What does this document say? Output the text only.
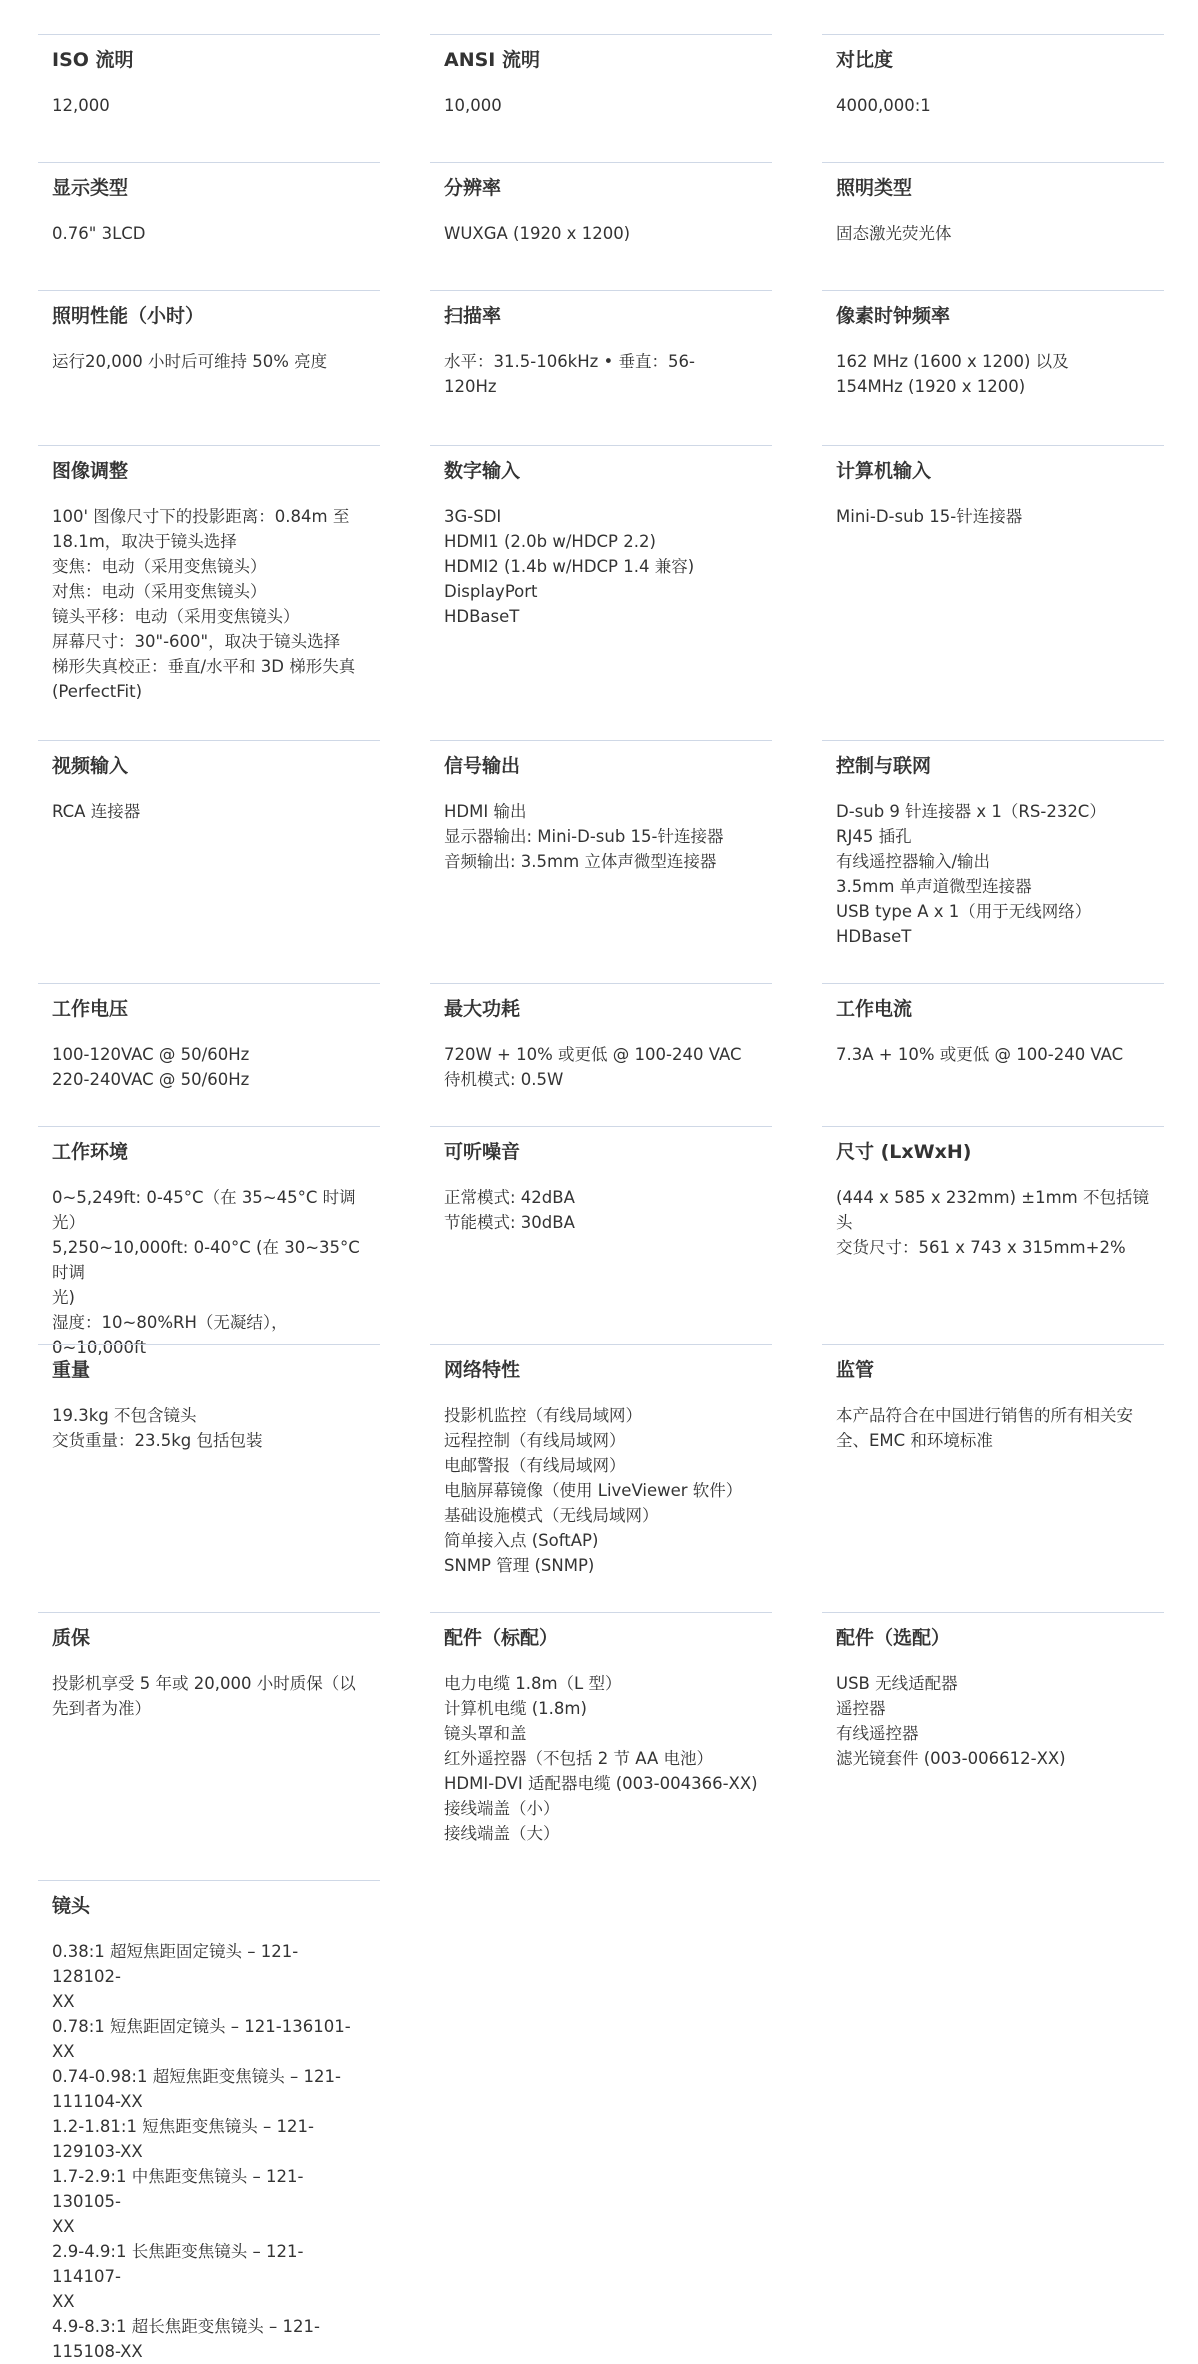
ISO 流明
12,000
ANSI 流明
10,000
对比度
4000,000:1
显示类型
0.76" 3LCD
分辨率
WUXGA (1920 x 1200)
照明类型
固态激光荧光体
照明性能（小时）
运行20,000 小时后可维持 50% 亮度
扫描率
水平：31.5-106kHz • 垂直：56-
120Hz
像素时钟频率
162 MHz (1600 x 1200) 以及
154MHz (1920 x 1200)
图像调整
100' 图像尺寸下的投影距离：0.84m 至
18.1m，取决于镜头选择
变焦：电动（采用变焦镜头）
对焦：电动（采用变焦镜头）
镜头平移：电动（采用变焦镜头）
屏幕尺寸：30"-600"，取决于镜头选择
梯形失真校正：垂直/水平和 3D 梯形失真
(PerfectFit)
数字输入
3G-SDI
HDMI1 (2.0b w/HDCP 2.2)
HDMI2 (1.4b w/HDCP 1.4 兼容)
DisplayPort
HDBaseT
计算机输入
Mini-D-sub 15-针连接器
视频输入
RCA 连接器
信号输出
HDMI 输出
显示器输出: Mini-D-sub 15-针连接器
音频输出: 3.5mm 立体声微型连接器
控制与联网
D-sub 9 针连接器 x 1（RS-232C）
RJ45 插孔
有线遥控器输入/输出
3.5mm 单声道微型连接器
USB type A x 1（用于无线网络）
HDBaseT
工作电压
100-120VAC @ 50/60Hz
220-240VAC @ 50/60Hz
最大功耗
720W + 10% 或更低 @ 100-240 VAC
待机模式: 0.5W
工作电流
7.3A + 10% 或更低 @ 100-240 VAC
工作环境
0~5,249ft: 0-45°C（在 35~45°C 时调光）
5,250~10,000ft: 0-40°C (在 30~35°C 时调
光)
湿度：10~80%RH（无凝结），
0~10,000ft
可听噪音
正常模式: 42dBA
节能模式: 30dBA
尺寸 (LxWxH)
(444 x 585 x 232mm) ±1mm 不包括镜头
交货尺寸：561 x 743 x 315mm+2%
重量
19.3kg 不包含镜头
交货重量：23.5kg 包括包装
网络特性
投影机监控（有线局域网）
远程控制（有线局域网）
电邮警报（有线局域网）
电脑屏幕镜像（使用 LiveViewer 软件）
基础设施模式（无线局域网）
简单接入点 (SoftAP)
SNMP 管理 (SNMP)
监管
本产品符合在中国进行销售的所有相关安
全、EMC 和环境标准
质保
投影机享受 5 年或 20,000 小时质保（以
先到者为准）
配件（标配）
电力电缆 1.8m（L 型）
计算机电缆 (1.8m)
镜头罩和盖
红外遥控器（不包括 2 节 AA 电池）
HDMI-DVI 适配器电缆 (003-004366-XX)
接线端盖（小）
接线端盖（大）
配件（选配）
USB 无线适配器
遥控器
有线遥控器
滤光镜套件 (003-006612-XX)
镜头
0.38:1 超短焦距固定镜头 – 121-128102-
XX
0.78:1 短焦距固定镜头 – 121-136101-XX
0.74-0.98:1 超短焦距变焦镜头 – 121-
111104-XX
1.2-1.81:1 短焦距变焦镜头 – 121-
129103-XX
1.7-2.9:1 中焦距变焦镜头 – 121-130105-
XX
2.9-4.9:1 长焦距变焦镜头 – 121-114107-
XX
4.9-8.3:1 超长焦距变焦镜头 – 121-
115108-XX
